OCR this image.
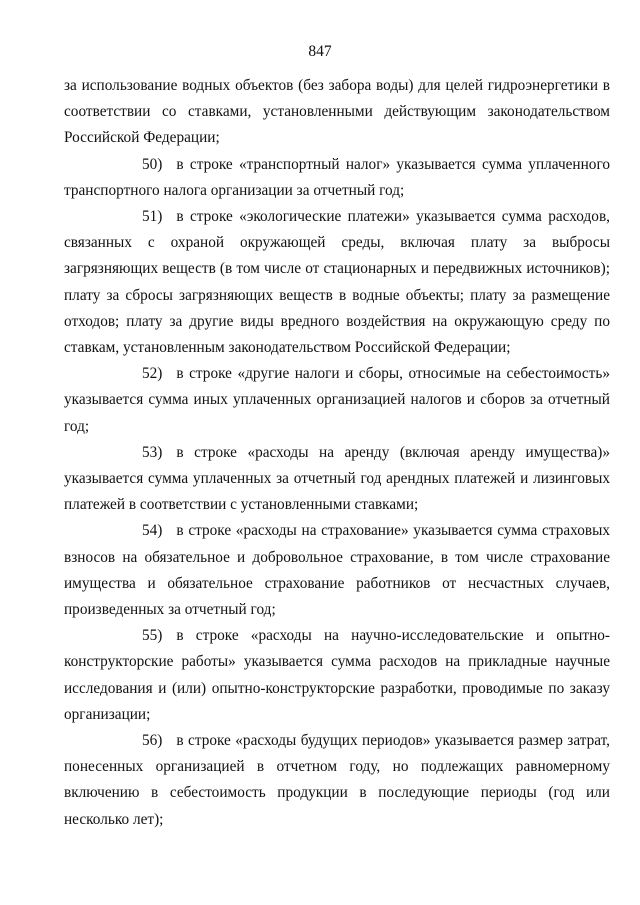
847

за использование водных объектов (без забора воды) для целей гидроэнергетики в соответствии со ставками, установленными действующим законодательством Российской Федерации;

50) в строке «транспортный налог» указывается сумма уплаченного транспортного налога организации за отчетный год;

51) в строке «экологические платежи» указывается сумма расходов, связанных с охраной окружающей среды, включая плату за выбросы загрязняющих веществ (в том числе от стационарных и передвижных источников); плату за сбросы загрязняющих веществ в водные объекты; плату за размещение отходов; плату за другие виды вредного воздействия на окружающую среду по ставкам, установленным законодательством Российской Федерации;

52) в строке «другие налоги и сборы, относимые на себестоимость» указывается сумма иных уплаченных организацией налогов и сборов за отчетный год;

53) в строке «расходы на аренду (включая аренду имущества)» указывается сумма уплаченных за отчетный год арендных платежей и лизинговых платежей в соответствии с установленными ставками;

54) в строке «расходы на страхование» указывается сумма страховых взносов на обязательное и добровольное страхование, в том числе страхование имущества и обязательное страхование работников от несчастных случаев, произведенных за отчетный год;

55) в строке «расходы на научно-исследовательские и опытно-конструкторские работы» указывается сумма расходов на прикладные научные исследования и (или) опытно-конструкторские разработки, проводимые по заказу организации;

56) в строке «расходы будущих периодов» указывается размер затрат, понесенных организацией в отчетном году, но подлежащих равномерному включению в себестоимость продукции в последующие периоды (год или несколько лет);
